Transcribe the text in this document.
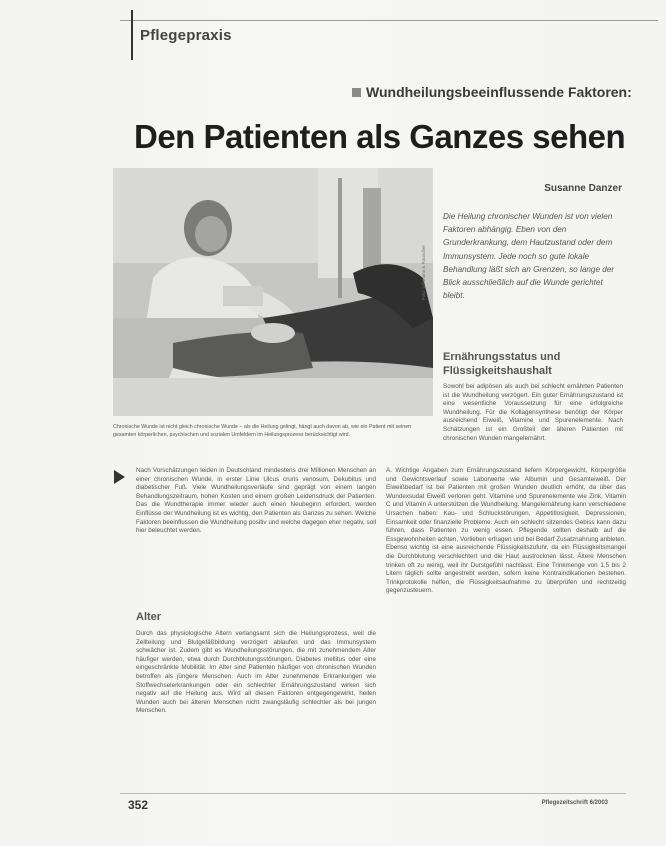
Pflegepraxis
Wundheilungsbeeinflussende Faktoren:
Den Patienten als Ganzes sehen
Susanne Danzer
Foto: Lohmann & Rauscher
Chronische Wunde ist nicht gleich chronische Wunde – als die Heilung gelingt, hängt auch davon ab, wie ein Patient mit seinen gesamten körperlichen, psychischen und sozialen Umfeldern im Heilungsprozess berücksichtigt wird.
Die Heilung chronischer Wunden ist von vielen Faktoren abhängig. Eben von den Grunderkrankung, dem Hautzustand oder dem Immunsystem. Jede noch so gute lokale Behandlung läßt sich an Grenzen, so lange der Blick ausschließlich auf die Wunde gerichtet bleibt.
Ernährungsstatus und Flüssigkeitshaushalt
Sowohl bei adipösen als auch bei schlecht ernährten Patienten ist die Wundheilung verzögert. Ein guter Ernährungszustand ist eine wesentliche Voraussetzung für eine erfolgreiche Wundheilung. Für die Kollagensynthese benötigt der Körper ausreichend Eiweiß, Vitamine und Spurenelemente. Nach Schätzungen ist ein Großteil der älteren Patienten mit chronischen Wunden mangelernährt.
Nach Vorschätzungen leiden in Deutschland mindestens drei Millionen Menschen an einer chronischen Wunde, in erster Linie Ulcus cruris venosum, Dekubitus und diabetischer Fuß. Viele Wundheilungsverläufe sind geprägt von einem langen Behandlungszeitraum, hohen Kosten und einem großen Leidensdruck der Patienten. Das die Wundtherapie immer wieder auch einen Neubeginn erfordert, werden Einflüsse der Wundheilung ist es wichtig, den Patienten als Ganzes zu sehen. Welche Faktoren beeinflussen die Wundheilung positiv und welche dagegen eher negativ, soll hier beleuchtet werden.
Alter
Durch das physiologische Altern verlangsamt sich die Heilungsprozess, weil die Zellteilung und Blutgefäßbildung verzögert ablaufen und das Immunsystem schwächer ist. Zudem gibt es Wundheilungsstörungen, die mit zunehmendem Alter häufiger werden, etwa durch Durchblutungsstörungen, Diabetes mellitus oder eine eingeschränkte Mobilität. Im Alter sind Patienten häufiger von chronischen Wunden betroffen als jüngere Menschen. Auch im Alter zunehmende Erkrankungen wie Stoffwechselerkrankungen oder ein schlechter Ernährungszustand wirken sich negativ auf die Heilung aus. Wird all diesen Faktoren entgegengewirkt, heilen Wunden auch bei älteren Menschen nicht zwangsläufig schlechter als bei jungen Menschen.
A. Wichtige Angaben zum Ernährungszustand liefern Körpergewicht, Körpergröße und Gewichtsverlauf sowie Laborwerte wie Albumin und Gesamteiweiß. Der Eiweißbedarf ist bei Patienten mit großen Wunden deutlich erhöht, da über das Wundexsudat Eiweiß verloren geht. Vitamine und Spurenelemente wie Zink, Vitamin C und Vitamin A unterstützen die Wundheilung. Mangelernährung kann verschiedene Ursachen haben: Kau- und Schluckstörungen, Appetitlosigkeit, Depressionen, Einsamkeit oder finanzielle Probleme. Auch ein schlecht sitzendes Gebiss kann dazu führen, dass Patienten zu wenig essen. Pflegende sollten deshalb auf die Essgewohnheiten achten, Vorlieben erfragen und bei Bedarf Zusatznahrung anbieten. Ebenso wichtig ist eine ausreichende Flüssigkeitszufuhr, da ein Flüssigkeitsmangel die Durchblutung verschlechtert und die Haut austrocknen lässt. Ältere Menschen trinken oft zu wenig, weil ihr Durstgefühl nachlässt. Eine Trinkmenge von 1,5 bis 2 Litern täglich sollte angestrebt werden, sofern keine Kontraindikationen bestehen. Trinkprotokolle helfen, die Flüssigkeitsaufnahme zu überprüfen und rechtzeitig gegenzusteuern.
352	Pflegezeitschrift 6/2003
